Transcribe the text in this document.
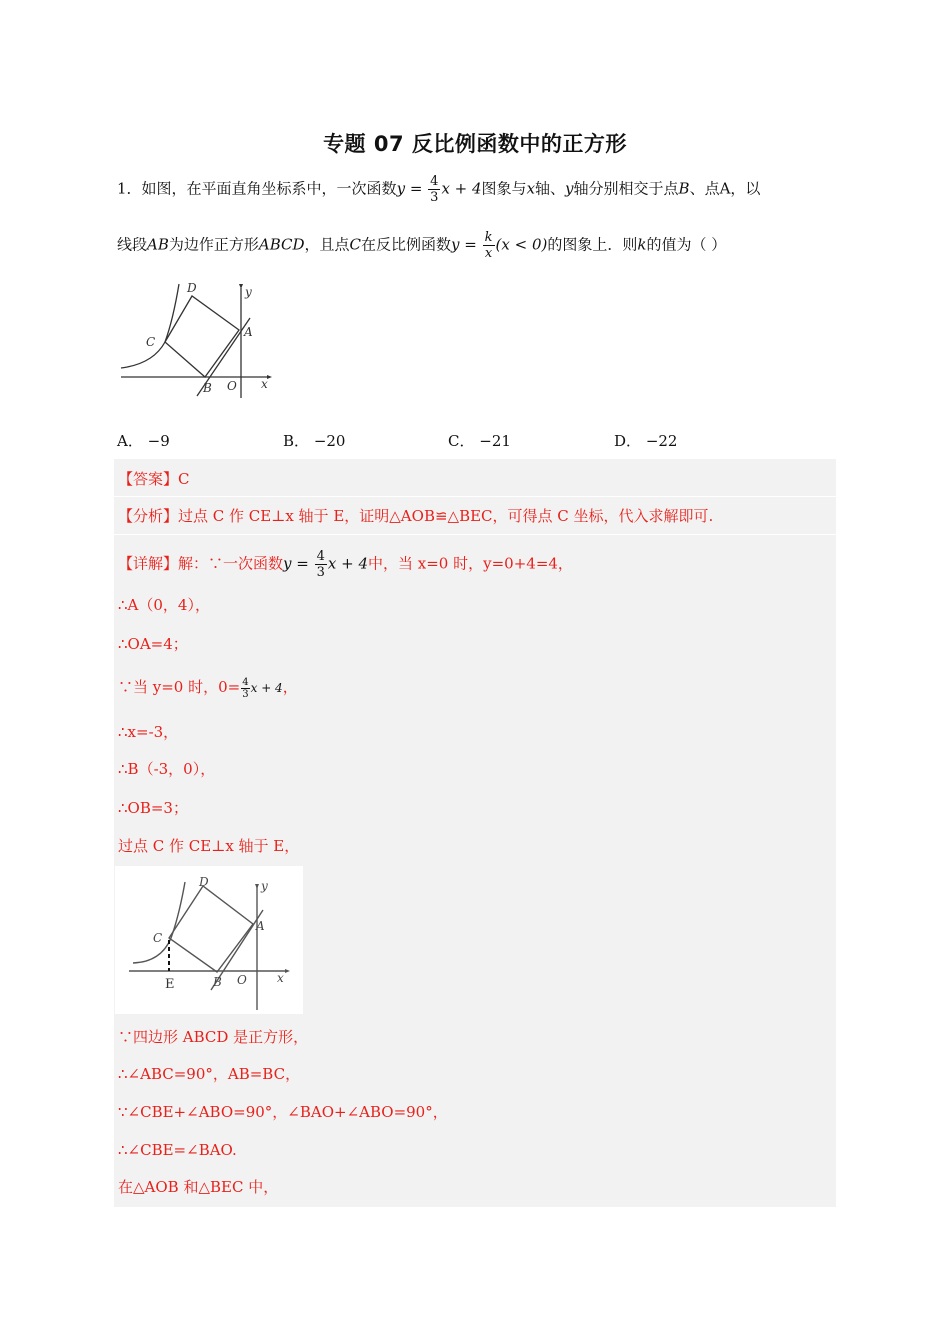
专题 07 反比例函数中的正方形
1．如图，在平面直角坐标系中，一次函数$y = \frac{4}{3}$ x + 4图象与x轴、y轴分别相交于点B、点A，以
线段AB为边作正方形ABCD，且点C在反比例函数$y = \frac{k}{x} (x < 0)$的图象上．则k的值为（ ）
D	y
A
C
B O x
A． −9	B． −20	C． −21	D． −22
【答案】C
【分析】过点 C 作 CE⊥x 轴于 E，证明△AOB≌△BEC，可得点 C 坐标，代入求解即可.
【详解】解：∵一次函数$y = \frac{4}{3}$ x + 4中，当 x=0 时，y=0+4=4，
∴A（0，4），
∴OA=4；
∵当 y=0 时，$0= \frac{4}{3}$ x + 4，
∴x=-3，
∴B（-3，0），
∴OB=3；
过点 C 作 CE⊥x 轴于 E，
D	y
A
C
B O	x
E
∵四边形 ABCD 是正方形，
∴∠ABC=90°，AB=BC，
∵∠CBE+∠ABO=90°，∠BAO+∠ABO=90°，
∴∠CBE=∠BAO.
在△AOB 和△BEC 中，
